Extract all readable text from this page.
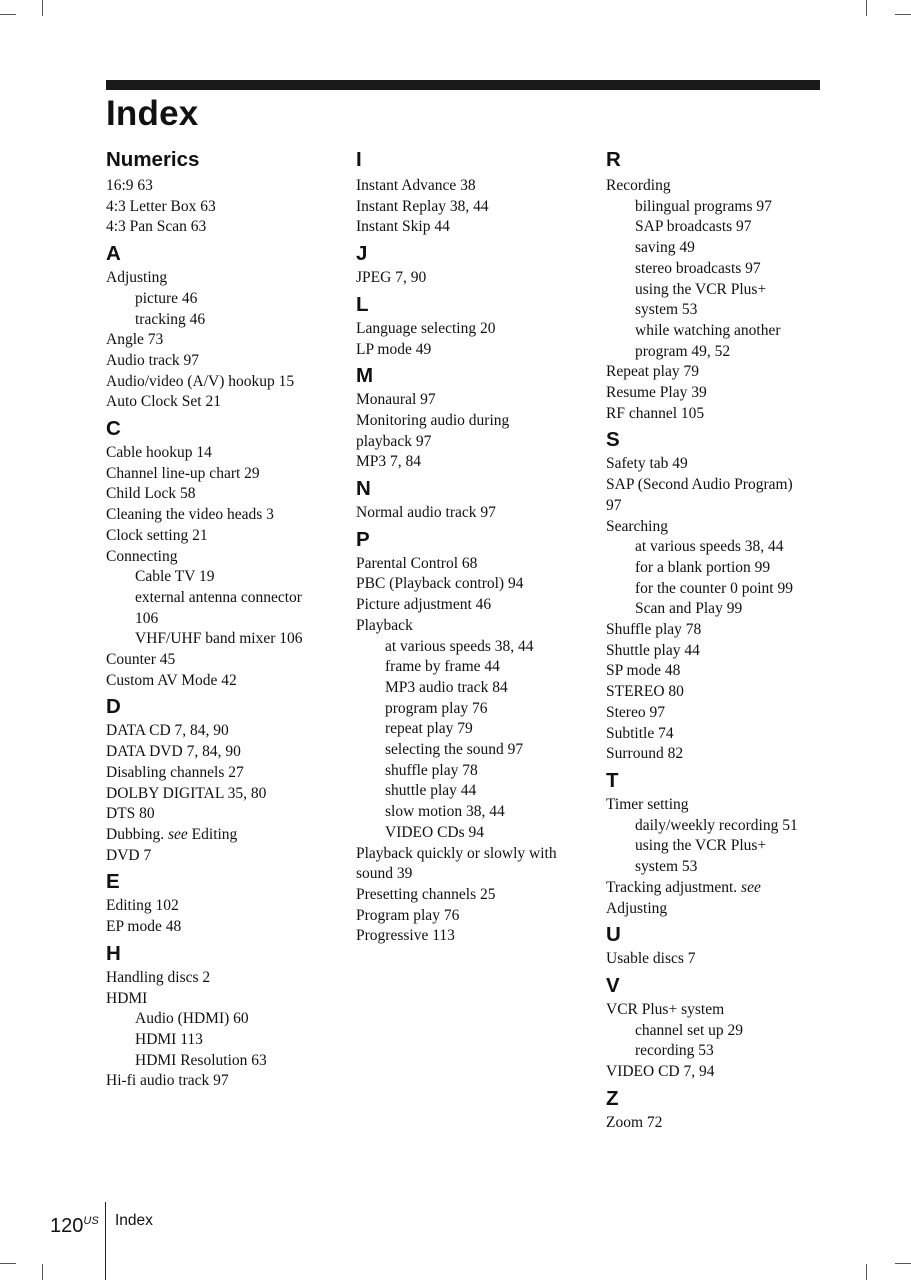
Index
Numerics
16:9 63
4:3 Letter Box 63
4:3 Pan Scan 63
A
Adjusting
picture 46
tracking 46
Angle 73
Audio track 97
Audio/video (A/V) hookup 15
Auto Clock Set 21
C
Cable hookup 14
Channel line-up chart 29
Child Lock 58
Cleaning the video heads 3
Clock setting 21
Connecting
Cable TV 19
external antenna connector
106
VHF/UHF band mixer 106
Counter 45
Custom AV Mode 42
D
DATA CD 7, 84, 90
DATA DVD 7, 84, 90
Disabling channels 27
DOLBY DIGITAL 35, 80
DTS 80
Dubbing. see Editing
DVD 7
E
Editing 102
EP mode 48
H
Handling discs 2
HDMI
Audio (HDMI) 60
HDMI 113
HDMI Resolution 63
Hi-fi audio track 97
I
Instant Advance 38
Instant Replay 38, 44
Instant Skip 44
J
JPEG 7, 90
L
Language selecting 20
LP mode 49
M
Monaural 97
Monitoring audio during
playback 97
MP3 7, 84
N
Normal audio track 97
P
Parental Control 68
PBC (Playback control) 94
Picture adjustment 46
Playback
at various speeds 38, 44
frame by frame 44
MP3 audio track 84
program play 76
repeat play 79
selecting the sound 97
shuffle play 78
shuttle play 44
slow motion 38, 44
VIDEO CDs 94
Playback quickly or slowly with
sound 39
Presetting channels 25
Program play 76
Progressive 113
R
Recording
bilingual programs 97
SAP broadcasts 97
saving 49
stereo broadcasts 97
using the VCR Plus+
system 53
while watching another
program 49, 52
Repeat play 79
Resume Play 39
RF channel 105
S
Safety tab 49
SAP (Second Audio Program)
97
Searching
at various speeds 38, 44
for a blank portion 99
for the counter 0 point 99
Scan and Play 99
Shuffle play 78
Shuttle play 44
SP mode 48
STEREO 80
Stereo 97
Subtitle 74
Surround 82
T
Timer setting
daily/weekly recording 51
using the VCR Plus+
system 53
Tracking adjustment. see
Adjusting
U
Usable discs 7
V
VCR Plus+ system
channel set up 29
recording 53
VIDEO CD 7, 94
Z
Zoom 72
$120^{US}$ Index
